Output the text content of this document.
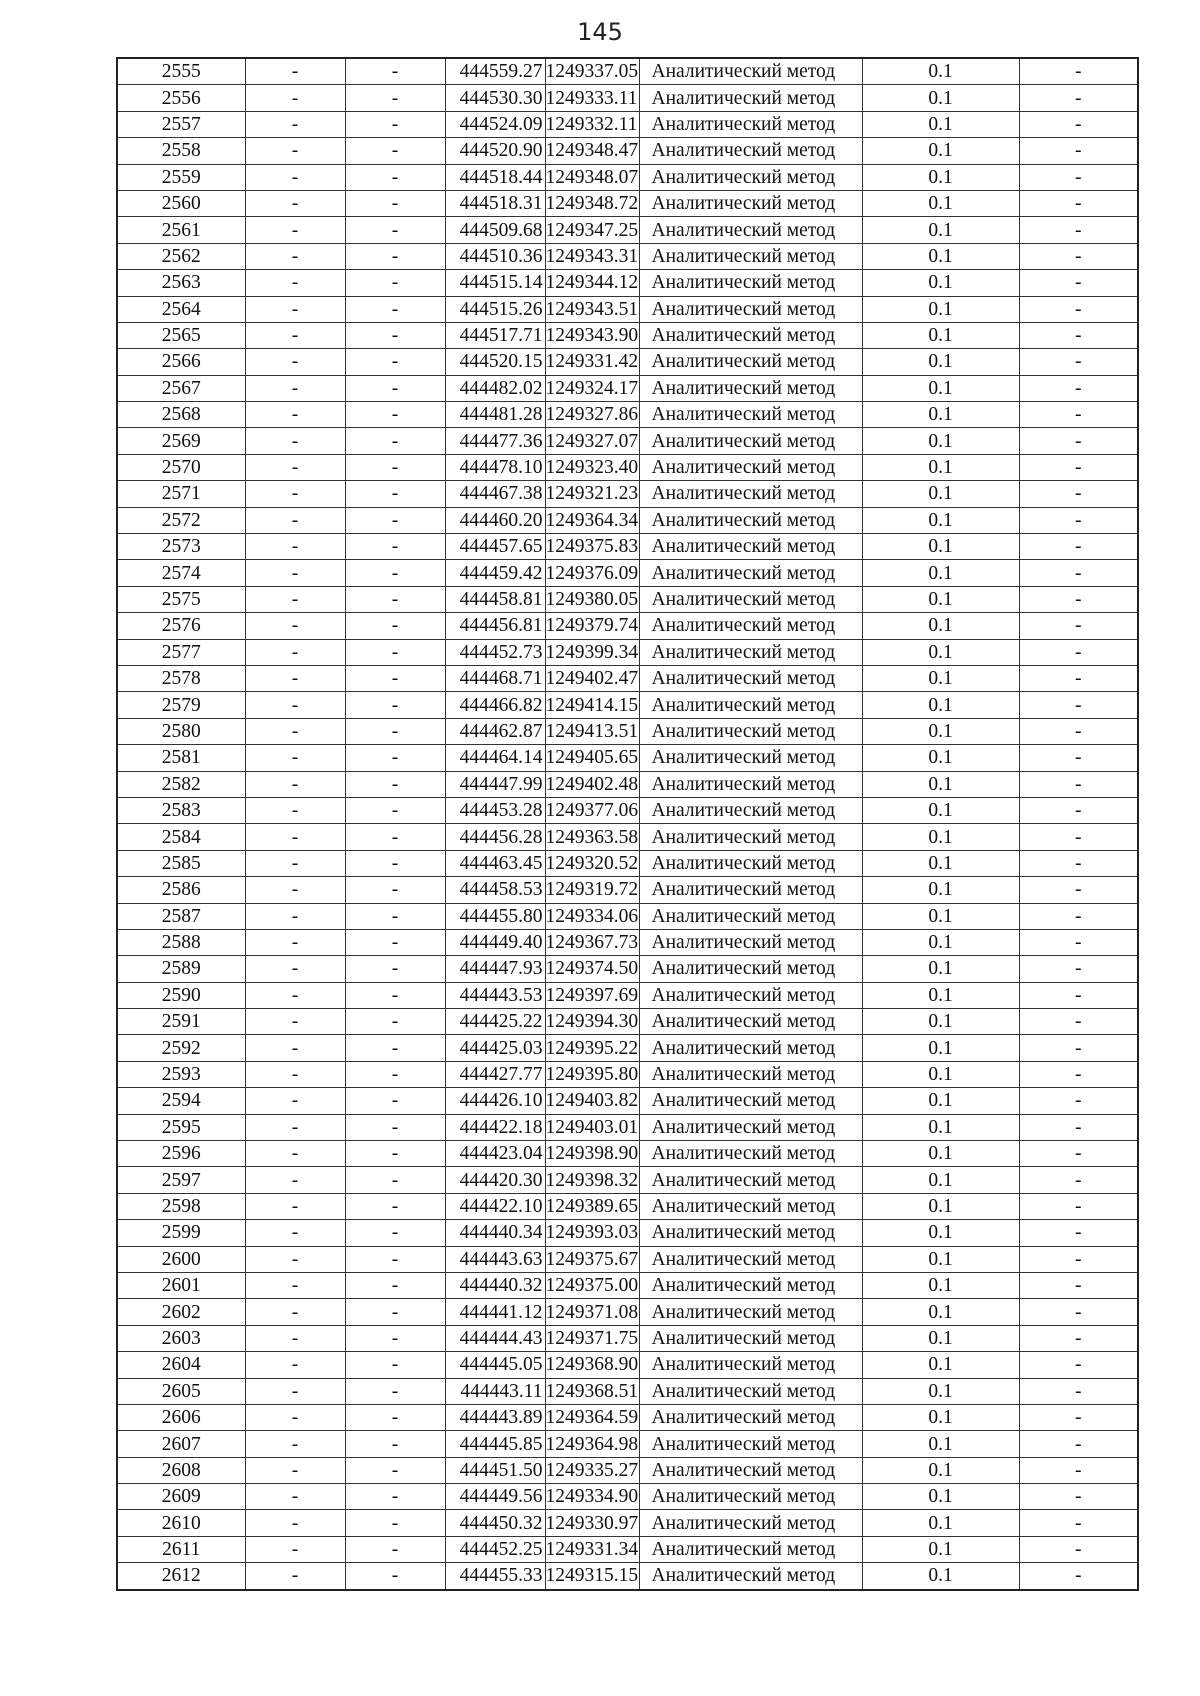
145
2555	-	-	444559.27	1249337.05	Аналитический метод	0.1	-
2556	-	-	444530.30	1249333.11	Аналитический метод	0.1	-
2557	-	-	444524.09	1249332.11	Аналитический метод	0.1	-
2558	-	-	444520.90	1249348.47	Аналитический метод	0.1	-
2559	-	-	444518.44	1249348.07	Аналитический метод	0.1	-
2560	-	-	444518.31	1249348.72	Аналитический метод	0.1	-
2561	-	-	444509.68	1249347.25	Аналитический метод	0.1	-
2562	-	-	444510.36	1249343.31	Аналитический метод	0.1	-
2563	-	-	444515.14	1249344.12	Аналитический метод	0.1	-
2564	-	-	444515.26	1249343.51	Аналитический метод	0.1	-
2565	-	-	444517.71	1249343.90	Аналитический метод	0.1	-
2566	-	-	444520.15	1249331.42	Аналитический метод	0.1	-
2567	-	-	444482.02	1249324.17	Аналитический метод	0.1	-
2568	-	-	444481.28	1249327.86	Аналитический метод	0.1	-
2569	-	-	444477.36	1249327.07	Аналитический метод	0.1	-
2570	-	-	444478.10	1249323.40	Аналитический метод	0.1	-
2571	-	-	444467.38	1249321.23	Аналитический метод	0.1	-
2572	-	-	444460.20	1249364.34	Аналитический метод	0.1	-
2573	-	-	444457.65	1249375.83	Аналитический метод	0.1	-
2574	-	-	444459.42	1249376.09	Аналитический метод	0.1	-
2575	-	-	444458.81	1249380.05	Аналитический метод	0.1	-
2576	-	-	444456.81	1249379.74	Аналитический метод	0.1	-
2577	-	-	444452.73	1249399.34	Аналитический метод	0.1	-
2578	-	-	444468.71	1249402.47	Аналитический метод	0.1	-
2579	-	-	444466.82	1249414.15	Аналитический метод	0.1	-
2580	-	-	444462.87	1249413.51	Аналитический метод	0.1	-
2581	-	-	444464.14	1249405.65	Аналитический метод	0.1	-
2582	-	-	444447.99	1249402.48	Аналитический метод	0.1	-
2583	-	-	444453.28	1249377.06	Аналитический метод	0.1	-
2584	-	-	444456.28	1249363.58	Аналитический метод	0.1	-
2585	-	-	444463.45	1249320.52	Аналитический метод	0.1	-
2586	-	-	444458.53	1249319.72	Аналитический метод	0.1	-
2587	-	-	444455.80	1249334.06	Аналитический метод	0.1	-
2588	-	-	444449.40	1249367.73	Аналитический метод	0.1	-
2589	-	-	444447.93	1249374.50	Аналитический метод	0.1	-
2590	-	-	444443.53	1249397.69	Аналитический метод	0.1	-
2591	-	-	444425.22	1249394.30	Аналитический метод	0.1	-
2592	-	-	444425.03	1249395.22	Аналитический метод	0.1	-
2593	-	-	444427.77	1249395.80	Аналитический метод	0.1	-
2594	-	-	444426.10	1249403.82	Аналитический метод	0.1	-
2595	-	-	444422.18	1249403.01	Аналитический метод	0.1	-
2596	-	-	444423.04	1249398.90	Аналитический метод	0.1	-
2597	-	-	444420.30	1249398.32	Аналитический метод	0.1	-
2598	-	-	444422.10	1249389.65	Аналитический метод	0.1	-
2599	-	-	444440.34	1249393.03	Аналитический метод	0.1	-
2600	-	-	444443.63	1249375.67	Аналитический метод	0.1	-
2601	-	-	444440.32	1249375.00	Аналитический метод	0.1	-
2602	-	-	444441.12	1249371.08	Аналитический метод	0.1	-
2603	-	-	444444.43	1249371.75	Аналитический метод	0.1	-
2604	-	-	444445.05	1249368.90	Аналитический метод	0.1	-
2605	-	-	444443.11	1249368.51	Аналитический метод	0.1	-
2606	-	-	444443.89	1249364.59	Аналитический метод	0.1	-
2607	-	-	444445.85	1249364.98	Аналитический метод	0.1	-
2608	-	-	444451.50	1249335.27	Аналитический метод	0.1	-
2609	-	-	444449.56	1249334.90	Аналитический метод	0.1	-
2610	-	-	444450.32	1249330.97	Аналитический метод	0.1	-
2611	-	-	444452.25	1249331.34	Аналитический метод	0.1	-
2612	-	-	444455.33	1249315.15	Аналитический метод	0.1	-
